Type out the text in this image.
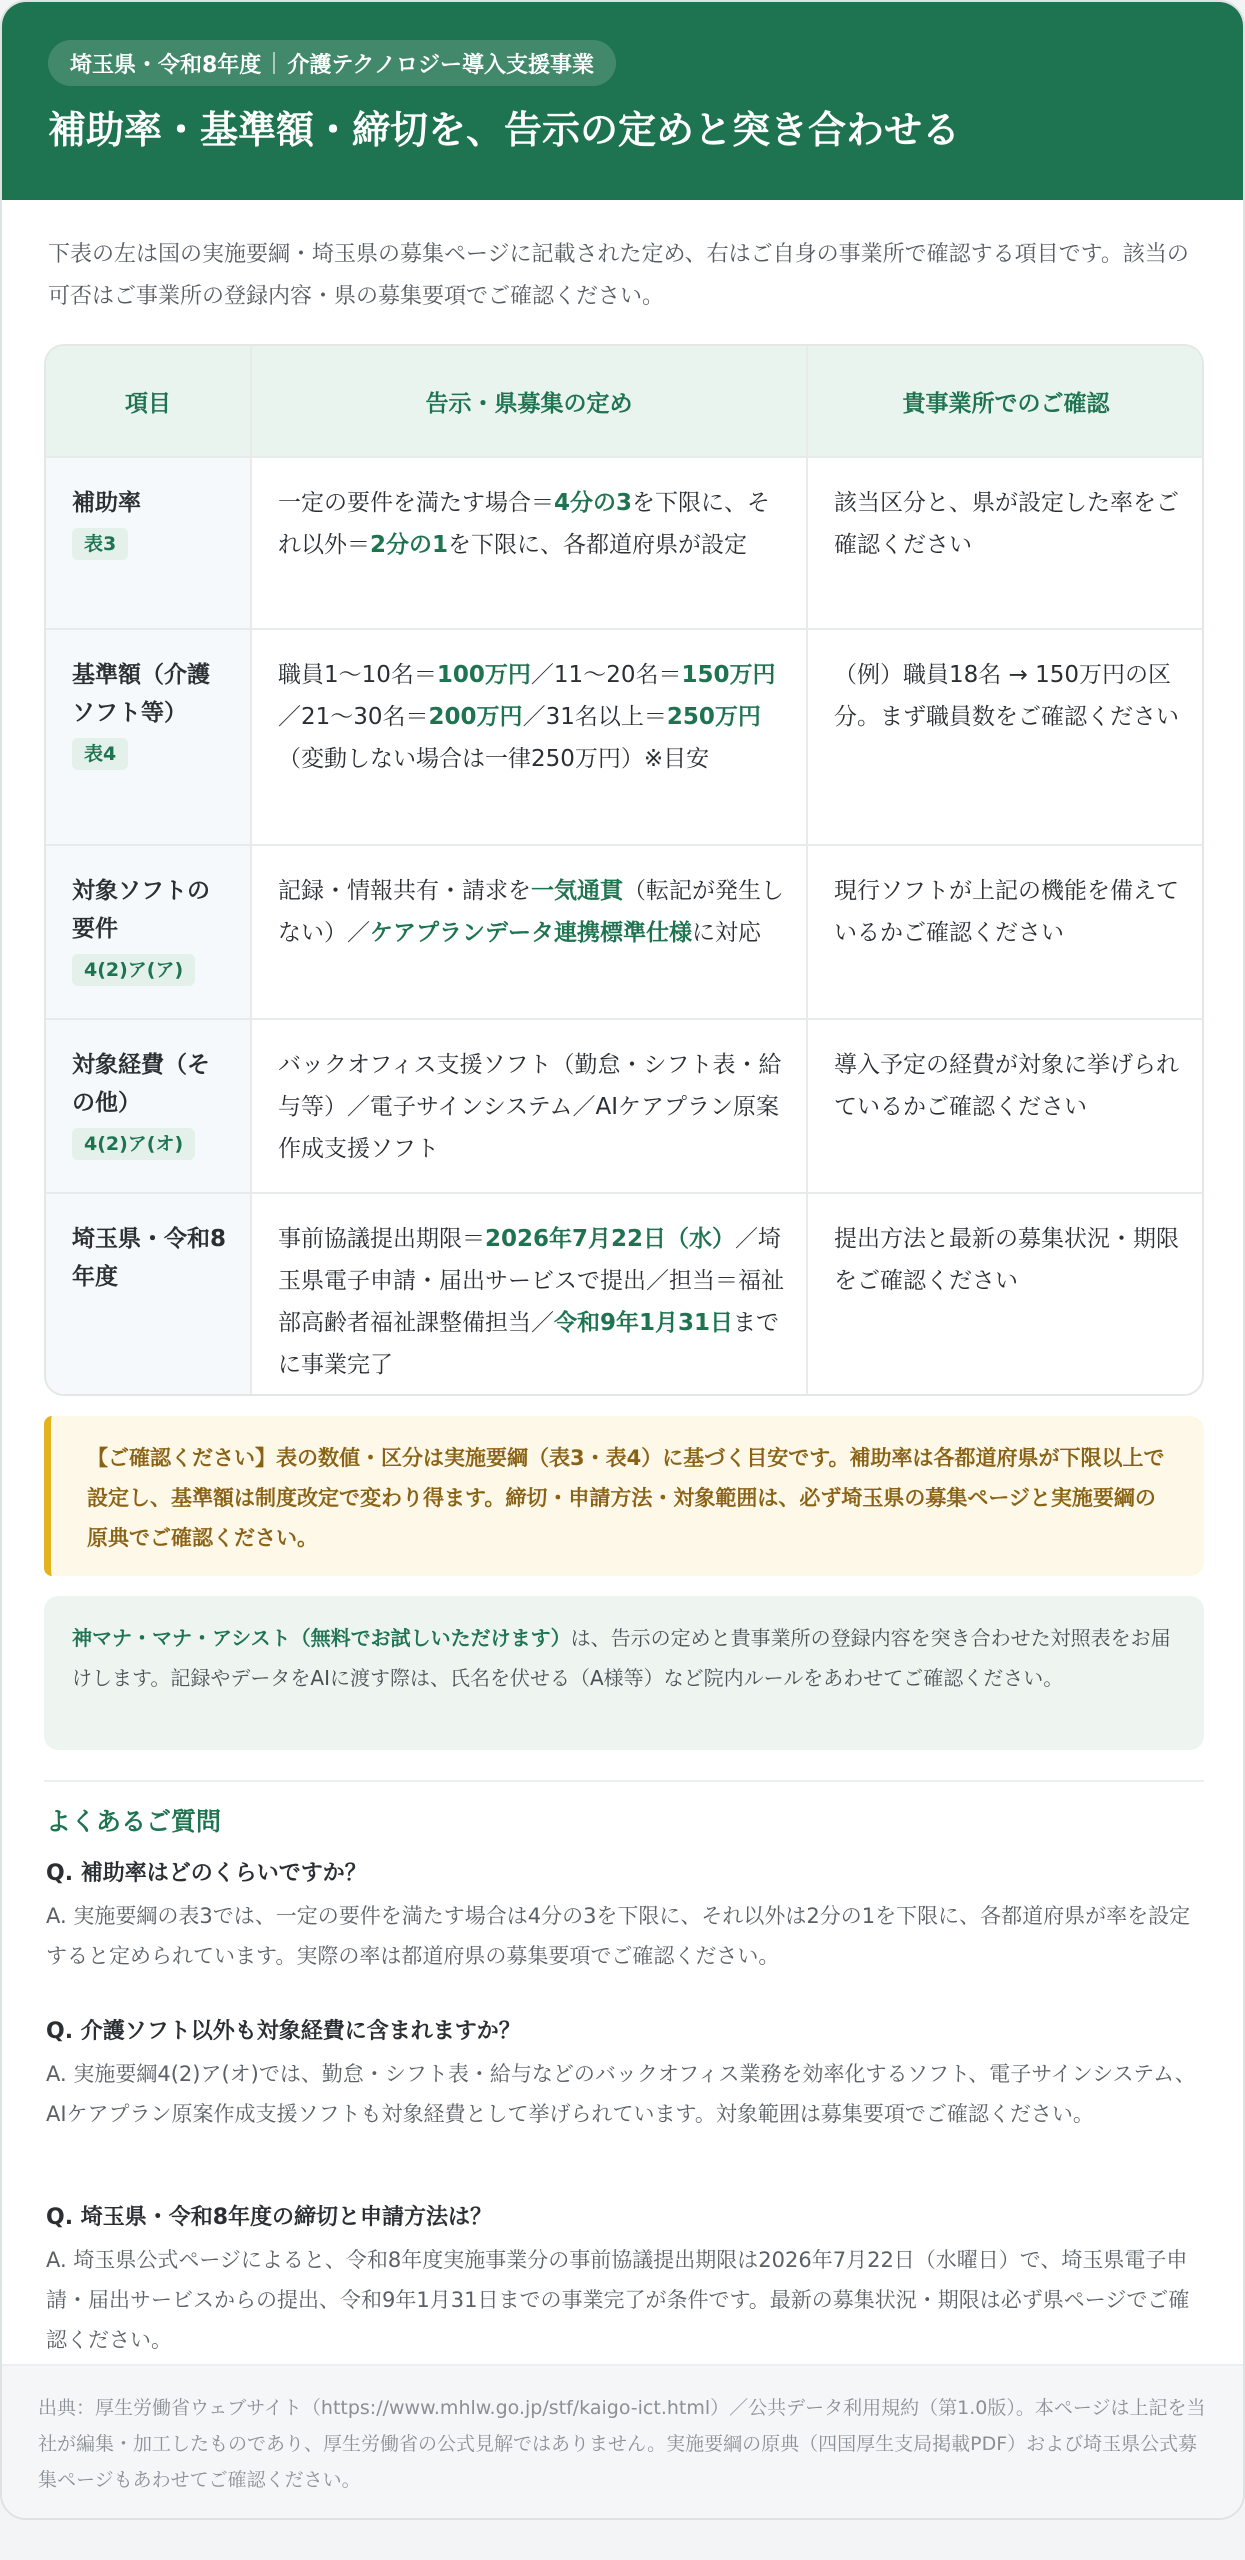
埼玉県・令和8年度 介護テクノロジー導入支援事業
補助率・基準額・締切を、告示の定めと突き合わせる
下表の左は国の実施要綱・埼玉県の募集ページに記載された定め、右はご自身の事業所で確認する項目です。該当の可否はご事業所の登録内容・県の募集要項でご確認ください。
項目	告示・県募集の定め	貴事業所でのご確認
補助率
表3
一定の要件を満たす場合＝4分の3を下限に、それ以外＝2分の1を下限に、各都道府県が設定
該当区分と、県が設定した率をご確認ください
基準額（介護ソフト等）
表4
職員1〜10名＝100万円／11〜20名＝150万円／21〜30名＝200万円／31名以上＝250万円（変動しない場合は一律250万円）※目安
（例）職員18名 → 150万円の区分。まず職員数をご確認ください
対象ソフトの要件
4(2)ア(ア)
記録・情報共有・請求を一気通貫（転記が発生しない）／ケアプランデータ連携標準仕様に対応
現行ソフトが上記の機能を備えているかご確認ください
対象経費（その他）
4(2)ア(オ)
バックオフィス支援ソフト（勤怠・シフト表・給与等）／電子サインシステム／AIケアプラン原案作成支援ソフト
導入予定の経費が対象に挙げられているかご確認ください
埼玉県・令和8年度
事前協議提出期限＝2026年7月22日（水）／埼玉県電子申請・届出サービスで提出／担当＝福祉部高齢者福祉課整備担当／令和9年1月31日までに事業完了
提出方法と最新の募集状況・期限をご確認ください
【ご確認ください】表の数値・区分は実施要綱（表3・表4）に基づく目安です。補助率は各都道府県が下限以上で設定し、基準額は制度改定で変わり得ます。締切・申請方法・対象範囲は、必ず埼玉県の募集ページと実施要綱の原典でご確認ください。
神マナ・マナ・アシスト（無料でお試しいただけます）は、告示の定めと貴事業所の登録内容を突き合わせた対照表をお届けします。記録やデータをAIに渡す際は、氏名を伏せる（A様等）など院内ルールをあわせてご確認ください。
よくあるご質問
Q. 補助率はどのくらいですか？
A. 実施要綱の表3では、一定の要件を満たす場合は4分の3を下限に、それ以外は2分の1を下限に、各都道府県が率を設定すると定められています。実際の率は都道府県の募集要項でご確認ください。
Q. 介護ソフト以外も対象経費に含まれますか？
A. 実施要綱4(2)ア(オ)では、勤怠・シフト表・給与などのバックオフィス業務を効率化するソフト、電子サインシステム、AIケアプラン原案作成支援ソフトも対象経費として挙げられています。対象範囲は募集要項でご確認ください。
Q. 埼玉県・令和8年度の締切と申請方法は？
A. 埼玉県公式ページによると、令和8年度実施事業分の事前協議提出期限は2026年7月22日（水曜日）で、埼玉県電子申請・届出サービスからの提出、令和9年1月31日までの事業完了が条件です。最新の募集状況・期限は必ず県ページでご確認ください。
出典：厚生労働省ウェブサイト（https://www.mhlw.go.jp/stf/kaigo-ict.html）／公共データ利用規約（第1.0版）。本ページは上記を当社が編集・加工したものであり、厚生労働省の公式見解ではありません。実施要綱の原典（四国厚生支局掲載PDF）および埼玉県公式募集ページもあわせてご確認ください。
